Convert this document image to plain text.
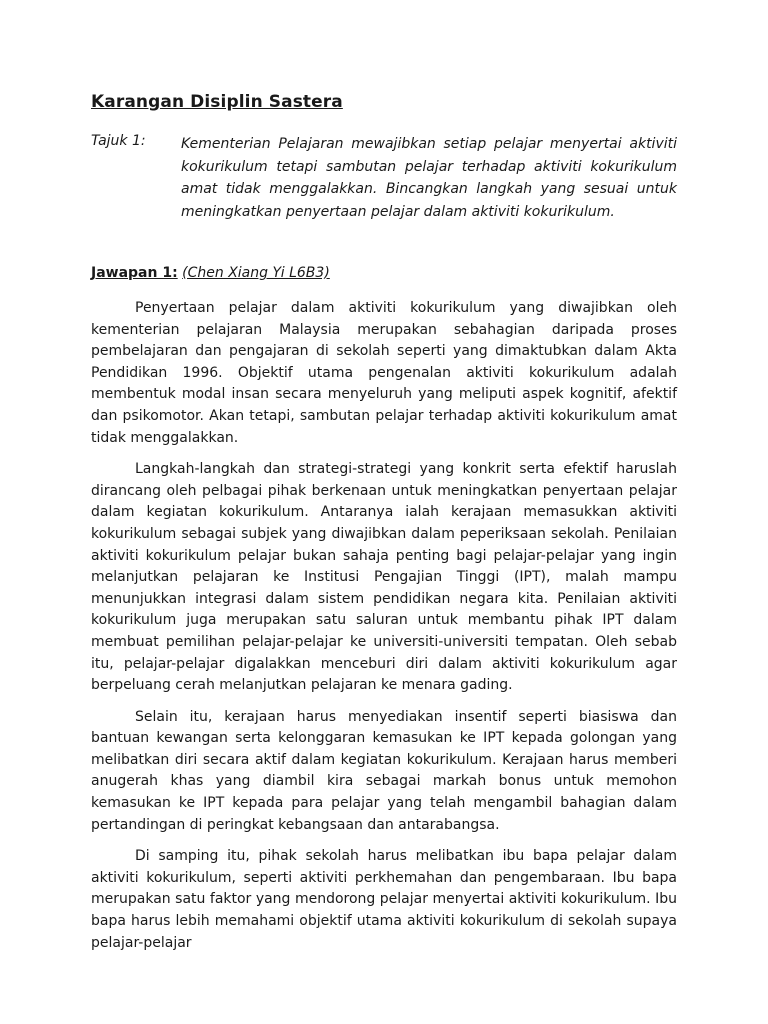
Karangan Disiplin Sastera
Tajuk 1:	Kementerian Pelajaran mewajibkan setiap pelajar menyertai aktiviti kokurikulum tetapi sambutan pelajar terhadap aktiviti kokurikulum amat tidak menggalakkan. Bincangkan langkah yang sesuai untuk meningkatkan penyertaan pelajar dalam aktiviti kokurikulum.
Jawapan 1: (Chen Xiang Yi L6B3)

Penyertaan pelajar dalam aktiviti kokurikulum yang diwajibkan oleh kementerian pelajaran Malaysia merupakan sebahagian daripada proses pembelajaran dan pengajaran di sekolah seperti yang dimaktubkan dalam Akta Pendidikan 1996. Objektif utama pengenalan aktiviti kokurikulum adalah membentuk modal insan secara menyeluruh yang meliputi aspek kognitif, afektif dan psikomotor. Akan tetapi, sambutan pelajar terhadap aktiviti kokurikulum amat tidak menggalakkan.

Langkah-langkah dan strategi-strategi yang konkrit serta efektif haruslah dirancang oleh pelbagai pihak berkenaan untuk meningkatkan penyertaan pelajar dalam kegiatan kokurikulum. Antaranya ialah kerajaan memasukkan aktiviti kokurikulum sebagai subjek yang diwajibkan dalam peperiksaan sekolah. Penilaian aktiviti kokurikulum pelajar bukan sahaja penting bagi pelajar-pelajar yang ingin melanjutkan pelajaran ke Institusi Pengajian Tinggi (IPT), malah mampu menunjukkan integrasi dalam sistem pendidikan negara kita. Penilaian aktiviti kokurikulum juga merupakan satu saluran untuk membantu pihak IPT dalam membuat pemilihan pelajar-pelajar ke universiti-universiti tempatan. Oleh sebab itu, pelajar-pelajar digalakkan menceburi diri dalam aktiviti kokurikulum agar berpeluang cerah melanjutkan pelajaran ke menara gading.

Selain itu, kerajaan harus menyediakan insentif seperti biasiswa dan bantuan kewangan serta kelonggaran kemasukan ke IPT kepada golongan yang melibatkan diri secara aktif dalam kegiatan kokurikulum. Kerajaan harus memberi anugerah khas yang diambil kira sebagai markah bonus untuk memohon kemasukan ke IPT kepada para pelajar yang telah mengambil bahagian dalam pertandingan di peringkat kebangsaan dan antarabangsa.

Di samping itu, pihak sekolah harus melibatkan ibu bapa pelajar dalam aktiviti kokurikulum, seperti aktiviti perkhemahan dan pengembaraan. Ibu bapa merupakan satu faktor yang mendorong pelajar menyertai aktiviti kokurikulum. Ibu bapa harus lebih memahami objektif utama aktiviti kokurikulum di sekolah supaya pelajar-pelajar
